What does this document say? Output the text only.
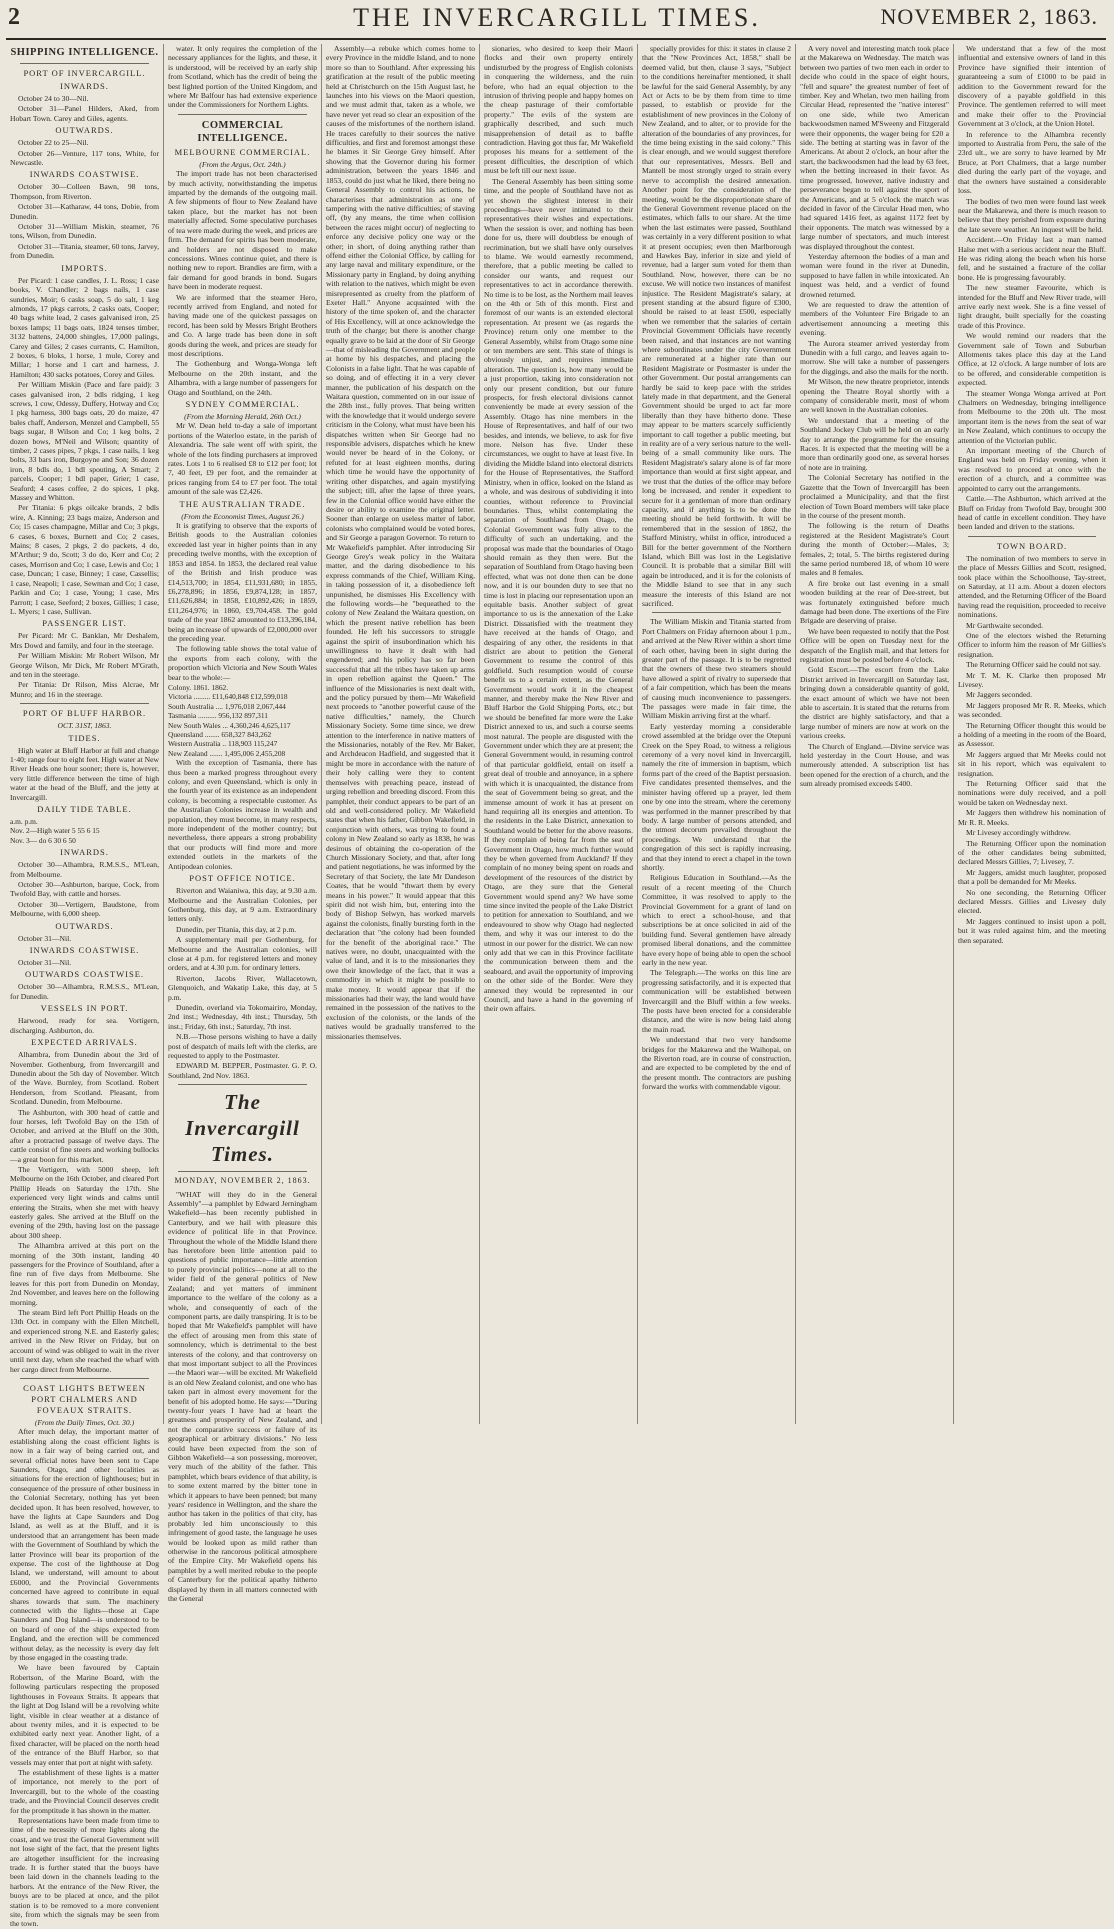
2	THE INVERCARGILL TIMES.	NOVEMBER 2, 1863.
SHIPPING INTELLIGENCE.
PORT OF INVERCARGILL.
INWARDS.

October 24 to 30—Nil.

October 31—Panel Hilders, Aked, from Hobart Town. Carey and Giles, agents.

OUTWARDS.

October 22 to 25—Nil.

October 26—Venture, 117 tons, White, for Newcastle.

INWARDS COASTWISE.

October 30—Colleen Bawn, 98 tons, Thompson, from Riverton.

October 31—Katharaw, 44 tons, Dobie, from Dunedin.

October 31—William Miskin, steamer, 76 tons, Wilson, from Dunedin.

October 31—Titania, steamer, 60 tons, Jarvey, from Dunedin.

IMPORTS.

Per Picard: 1 case candles, J. L. Ross; 1 case books, V. Chandler; 2 bags nails, 1 case sundries, Moir; 6 casks soap, 5 do salt, 1 keg almonds, 17 pkgs carrots, 2 casks oats, Cooper; 40 bags white lead, 2 cases galvanised iron, 25 boxes lamps; 11 bags oats, 1824 tenses timber, 3132 battens, 24,000 shingles, 17,000 palings, Carey and Giles; 2 cases currants, C. Hamilton, 2 boxes, 6 bloks, 1 horse, 1 mule, Corey and Millar; 1 horse and 1 cart and harness, J. Hamilton; 430 sacks potatoes, Corey and Giles.

Per William Miskin (Pace and fare paid): 3 cases galvanised iron, 2 bdls ridging, 1 keg screws, 1 cow, Odessy, Duffery, Hotway and Co; 1 pkg harness, 300 bags oats, 20 do maize, 47 bales chaff, Anderson, Menzel and Campbell, 55 bags sugar, 8 Wilson and Co; 1 keg bolts, 2 dozen bows, M'Neil and Wilson; quantity of timber, 2 cases pipes, 7 pkgs, 1 case nails, 1 keg bolts, 33 bars iron, Burgoyne and Son; 36 dozen iron, 8 bdls do, 1 bdl spouting, A Smart; 2 parcels, Cooper; 1 bdl paper, Grier; 1 case, Seaford; 4 cases coffee, 2 do spices, 1 pkg, Massey and Whitton.

Per Titania: 6 pkgs oilcake brands, 2 bdls wire, A. Kinning; 23 bags maize, Anderson and Co; 15 cases champagne, Millar and Co; 3 pkgs, 6 cases, 6 boxes, Burnett and Co; 2 cases, Mains; 8 cases, 2 pkgs, 2 do packets, 4 do, M'Arthur; 9 do, Scott; 3 do do, Kerr and Co; 2 cases, Morrison and Co; 1 case, Lewis and Co; 1 case, Duncan; 1 case, Binney; 1 case, Cassellis; 1 case, Neapoli; 1 case, Sewman and Co; 1 case, Parkin and Co; 1 case, Young; 1 case, Mrs Parrott; 1 case, Seeford; 2 boxes, Gillies; 1 case, L. Myers; 1 case, Sullivan.

PASSENGER LIST.

Per Picard: Mr C. Banklan, Mr Deshalem, Mrs Dowd and family, and four in the steerage.

Per William Miskin: Mr Robert Wilson, Mr George Wilson, Mr Dick, Mr Robert M'Grath, and ten in the steerage.

Per Titania: Dr Rilson, Miss Alcrae, Mr Munro; and 16 in the steerage.

PORT OF BLUFF HARBOR.
OCT. 31ST, 1863.
TIDES.

High water at Bluff Harbor at full and change 1·40; range four to eight feet. High water at New River Heads one hour sooner; there is, however, very little difference between the time of high water at the head of the Bluff, and the jetty at Invercargill.

DAILY TIDE TABLE.
a.m. p.m.
Nov. 2—High water 5 55 6 15
Nov. 3— do 6 30 6 50
INWARDS.

October 30—Alhambra, R.M.S.S., M'Lean, from Melbourne.

October 30—Ashburton, barque, Cock, from Twofold Bay, with cattle and horses.

October 30—Vertigern, Baudstone, from Melbourne, with 6,000 sheep.

OUTWARDS.

October 31—Nil.

INWARDS COASTWISE.

October 31—Nil.

OUTWARDS COASTWISE.

October 30—Alhambra, R.M.S.S., M'Lean, for Dunedin.

VESSELS IN PORT.

Harwood, ready for sea. Vortigern, discharging. Ashburton, do.

EXPECTED ARRIVALS.

Alhambra, from Dunedin about the 3rd of November. Gothenburg, from Invercargill and Dunedin about the 5th day of November. Witch of the Wave. Burnley, from Scotland. Robert Henderson, from Scotland. Pleasant, from Scotland. Dunedin, from Melbourne.

The Ashburton, with 300 head of cattle and four horses, left Twofold Bay on the 15th of October, and arrived at the Bluff on the 30th, after a protracted passage of twelve days. The cattle consist of fine steers and working bullocks—a great boon for this market.

The Vortigern, with 5000 sheep, left Melbourne on the 16th October, and cleared Port Phillip Heads on Saturday the 17th. She experienced very light winds and calms until entering the Straits, when she met with heavy easterly gales. She arrived at the Bluff on the evening of the 29th, having lost on the passage about 300 sheep.

The Alhambra arrived at this port on the morning of the 30th instant, landing 40 passengers for the Province of Southland, after a fine run of five days from Melbourne. She leaves for this port from Dunedin on Monday, 2nd November, and leaves here on the following morning.

The steam Bird left Port Phillip Heads on the 13th Oct. in company with the Ellen Mitchell, and experienced strong N.E. and Easterly gales; arrived in the New River on Friday, but on account of wind was obliged to wait in the river until next day, when she reached the wharf with her cargo direct from Melbourne.

COAST LIGHTS BETWEEN PORT CHALMERS AND FOVEAUX STRAITS.
(From the Daily Times, Oct. 30.)

After much delay, the important matter of establishing along the coast efficient lights is now in a fair way of being carried out, and several official notes have been sent to Cape Saunders, Otago, and other localities as situations for the erection of lighthouses; but in consequence of the pressure of other business in the Colonial Secretary, nothing has yet been decided upon. It has been resolved, however, to have the lights at Cape Saunders and Dog Island, as well as at the Bluff, and it is understood that an arrangement has been made with the Government of Southland by which the latter Province will bear its proportion of the expense. The cost of the lighthouse at Dog Island, we understand, will amount to about £6000, and the Provincial Governments concerned have agreed to contribute in equal shares towards that sum. The machinery connected with the lights—those at Cape Saunders and Dog Island—is understood to be on board of one of the ships expected from England, and the erection will be commenced without delay, as the necessity is every day felt by those engaged in the coasting trade.

We have been favoured by Captain Robertson, of the Marine Board, with the following particulars respecting the proposed lighthouses in Foveaux Straits. It appears that the light at Dog Island will be a revolving white light, visible in clear weather at a distance of about twenty miles, and it is expected to be exhibited early next year. Another light, of a fixed character, will be placed on the north head of the entrance of the Bluff Harbor, so that vessels may enter that port at night with safety.

The establishment of these lights is a matter of importance, not merely to the port of Invercargill, but to the whole of the coasting trade, and the Provincial Council deserves credit for the promptitude it has shown in the matter.

Representations have been made from time to time of the necessity of more lights along the coast, and we trust the General Government will not lose sight of the fact, that the present lights are altogether insufficient for the increasing trade. It is further stated that the buoys have been laid down in the channels leading to the harbors. At the entrance of the New River, the buoys are to be placed at once, and the pilot station is to be removed to a more convenient site, from which the signals may be seen from the town.

water. It only requires the completion of the necessary appliances for the lights, and these, it is understood, will be received by an early ship from Scotland, which has the credit of being the best lighted portion of the United Kingdom, and where Mr Balfour has had extensive experience under the Commissioners for Northern Lights.

COMMERCIAL INTELLIGENCE.
MELBOURNE COMMERCIAL.
(From the Argus, Oct. 24th.)

The import trade has not been characterised by much activity, notwithstanding the impetus imparted by the demands of the outgoing mail. A few shipments of flour to New Zealand have taken place, but the market has not been materially affected. Some speculative purchases of tea were made during the week, and prices are firm. The demand for spirits has been moderate, and holders are not disposed to make concessions. Wines continue quiet, and there is nothing new to report. Brandies are firm, with a fair demand for good brands in bond. Sugars have been in moderate request.

We are informed that the steamer Hero, recently arrived from England, and noted for having made one of the quickest passages on record, has been sold by Messrs Bright Brothers and Co. A large trade has been done in soft goods during the week, and prices are steady for most descriptions.

The Gothenburg and Wonga-Wonga left Melbourne on the 20th instant, and the Alhambra, with a large number of passengers for Otago and Southland, on the 24th.

SYDNEY COMMERCIAL.
(From the Morning Herald, 26th Oct.)

Mr W. Dean held to-day a sale of important portions of the Waterloo estate, in the parish of Alexandria. The sale went off with spirit, the whole of the lots finding purchasers at improved rates. Lots 1 to 6 realised £8 to £12 per foot; lot 7, 40 feet, £9 per foot, and the remainder at prices ranging from £4 to £7 per foot. The total amount of the sale was £2,426.

THE AUSTRALIAN TRADE.
(From the Economist Times, August 26.)

It is gratifying to observe that the exports of British goods to the Australian colonies exceeded last year in higher points than in any preceding twelve months, with the exception of 1853 and 1854. In 1853, the declared real value of the British and Irish produce was £14,513,700; in 1854, £11,931,680; in 1855, £6,278,896; in 1856, £9,874,128; in 1857, £11,626,884; in 1858, £10,892,426; in 1859, £11,264,976; in 1860, £9,704,458. The gold trade of the year 1862 amounted to £13,396,184, being an increase of upwards of £2,000,000 over the preceding year.

The following table shows the total value of the exports from each colony, with the proportion which Victoria and New South Wales bear to the whole:—

Colony. 1861. 1862.
Victoria ......... £11,640,848 £12,599,018
South Australia .... 1,976,018 2,067,444
Tasmania .......... 956,132 897,311
New South Wales ... 4,360,246 4,625,117
Queensland ........ 658,327 843,262
Western Australia .. 118,903 115,247
New Zealand ....... 1,495,006 2,455,208

With the exception of Tasmania, there has thus been a marked progress throughout every colony, and even Queensland, which is only in the fourth year of its existence as an independent colony, is becoming a respectable customer. As the Australian Colonies increase in wealth and population, they must become, in many respects, more independent of the mother country; but nevertheless, there appears a strong probability that our products will find more and more extended outlets in the markets of the Antipodean colonies.

POST OFFICE NOTICE.

Riverton and Waianiwa, this day, at 9.30 a.m. Melbourne and the Australian Colonies, per Gothenburg, this day, at 9 a.m. Extraordinary letters only.

Dunedin, per Titania, this day, at 2 p.m.

A supplementary mail per Gothenburg, for Melbourne and the Australian colonies, will close at 4 p.m. for registered letters and money orders, and at 4.30 p.m. for ordinary letters.

Riverton, Jacobs River, Wallacetown, Glenquoich, and Wakatip Lake, this day, at 5 p.m.

Dunedin, overland via Tokomairiro, Monday, 2nd inst.; Wednesday, 4th inst.; Thursday, 5th inst.; Friday, 6th inst.; Saturday, 7th inst.

N.B.—Those persons wishing to have a daily post of despatch of mails left with the clerks, are requested to apply to the Postmaster.

EDWARD M. BEPPER, Postmaster. G. P. O. Southland, 2nd Nov. 1863.

The Invercargill Times.
MONDAY, NOVEMBER 2, 1863.

"WHAT will they do in the General Assembly"—a pamphlet by Edward Jerningham Wakefield—has been recently published in Canterbury, and we hail with pleasure this evidence of political life in that Province. Throughout the whole of the Middle Island there has heretofore been little attention paid to questions of public importance—little attention to purely provincial politics—none at all to the wider field of the general politics of New Zealand; and yet matters of imminent importance to the welfare of the colony as a whole, and consequently of each of the component parts, are daily transpiring. It is to be hoped that Mr Wakefield's pamphlet will have the effect of arousing men from this state of somnolency, which is detrimental to the best interests of the colony, and that controversy on that most important subject to all the Provinces—the Maori war—will be excited. Mr Wakefield is an old New Zealand colonist, and one who has taken part in almost every movement for the benefit of his adopted home. He says:—"During twenty-four years I have had at heart the greatness and prosperity of New Zealand, and not the comparative success or failure of its geographical or arbitrary divisions." No less could have been expected from the son of Gibbon Wakefield—a son possessing, moreover, very much of the ability of the father. This pamphlet, which bears evidence of that ability, is to some extent marred by the bitter tone in which it appears to have been penned; but many years' residence in Wellington, and the share the author has taken in the politics of that city, has probably led him unconsciously to this infringement of good taste, the language he uses would be looked upon as mild rather than otherwise in the rancorous political atmosphere of the Empire City. Mr Wakefield opens his pamphlet by a well merited rebuke to the people of Canterbury for the political apathy hitherto displayed by them in all matters connected with the General

Assembly—a rebuke which comes home to every Province in the middle Island, and to none more so than to Southland. After expressing his gratification at the result of the public meeting held at Christchurch on the 15th August last, he launches into his views on the Maori question, and we must admit that, taken as a whole, we have never yet read so clear an exposition of the causes of the misfortunes of the northern island. He traces carefully to their sources the native difficulties, and first and foremost amongst these he blames it Sir George Grey himself. After showing that the Governor during his former administration, between the years 1846 and 1853, could do just what he liked, there being no General Assembly to control his actions, he characterises that administration as one of tampering with the native difficulties; of staving off, (by any means, the time when collision between the races might occur) of neglecting to enforce any decisive policy one way or the other; in short, of doing anything rather than offend either the Colonial Office, by calling for any large naval and military expenditure, or the Missionary party in England, by doing anything with relation to the natives, which might be even misrepresented as cruelty from the platform of Exeter Hall." Anyone acquainted with the history of the time spoken of, and the character of His Excellency, will at once acknowledge the truth of the charge; but there is another charge equally grave to be laid at the door of Sir George—that of misleading the Government and people at home by his despatches, and placing the Colonists in a false light. That he was capable of so doing, and of effecting it in a very clever manner, the publication of his despatch on the Waitara question, commented on in our issue of the 28th inst., fully proves. That being written with the knowledge that it would undergo severe criticism in the Colony, what must have been his dispatches written when Sir George had no responsible advisers, dispatches which he knew would never be heard of in the Colony, or refuted for at least eighteen months, during which time he would have the opportunity of writing other dispatches, and again mystifying the subject; till, after the lapse of three years, few in the Colonial office would have either the desire or ability to examine the original letter. Sooner than enlarge on useless matter of labor, colonists who complained would be voted bores, and Sir George a paragon Governor. To return to Mr Wakefield's pamphlet. After introducing Sir George Grey's weak policy in the Waitara matter, and the daring disobedience to his express commands of the Chief, William King, in taking possession of it, a disobedience left unpunished, he dismisses His Excellency with the following words—he "bequeathed to the colony of New Zealand the Waitara question, on which the present native rebellion has been founded. He left his successors to struggle against the spirit of insubordination which his unwillingness to have it dealt with had engendered; and his policy has so far been successful that all the tribes have taken up arms in open rebellion against the Queen." The influence of the Missionaries is next dealt with, and the policy pursued by them—Mr Wakefield next proceeds to "another powerful cause of the native difficulties," namely, the Church Missionary Society. Some time since, we drew attention to the interference in native matters of the Missionaries, notably of the Rev. Mr Baker, and Archdeacon Hadfield, and suggested that it might be more in accordance with the nature of their holy calling were they to content themselves with preaching peace, instead of urging rebellion and breeding discord. From this pamphlet, their conduct appears to be part of an old and well-considered policy. Mr Wakefield states that when his father, Gibbon Wakefield, in conjunction with others, was trying to found a colony in New Zealand so early as 1838, he was desirous of obtaining the co-operation of the Church Missionary Society, and that, after long and patient negotiations, he was informed by the Secretary of that Society, the late Mr Dandeson Coates, that he would "thwart them by every means in his power." It would appear that this spirit did not wish him, but, entering into the body of Bishop Selwyn, has worked marvels against the colonists, finally bursting forth in the declaration that "the colony had been founded for the benefit of the aboriginal race." The natives were, no doubt, unacquainted with the value of land, and it is to the missionaries they owe their knowledge of the fact, that it was a commodity in which it might be possible to make money. It would appear that if the missionaries had their way, the land would have remained in the possession of the natives to the exclusion of the colonists, or the lands of the natives would be gradually transferred to the missionaries themselves.

sionaries, who desired to keep their Maori flocks and their own property entirely undisturbed by the progress of English colonists in conquering the wilderness, and the ruin before, who had an equal objection to the intrusion of thriving people and happy homes on the cheap pasturage of their comfortable property." The evils of the system are graphically described, and such much misapprehension of detail as to baffle contradiction. Having got thus far, Mr Wakefield proposes his means for a settlement of the present difficulties, the description of which must be left till our next issue.

The General Assembly has been sitting some time, and the people of Southland have not as yet shown the slightest interest in their proceedings—have never intimated to their representatives their wishes and expectations. When the session is over, and nothing has been done for us, there will doubtless be enough of recrimination, but we shall have only ourselves to blame. We would earnestly recommend, therefore, that a public meeting be called to consider our wants, and request our representatives to act in accordance therewith. No time is to be lost, as the Northern mail leaves on the 4th or 5th of this month. First and foremost of our wants is an extended electoral representation. At present we (as regards the Province) return only one member to the General Assembly, whilst from Otago some nine or ten members are sent. This state of things is obviously unjust, and requires immediate alteration. The question is, how many would be a just proportion, taking into consideration not only our present condition, but our future prospects, for fresh electoral divisions cannot conveniently be made at every session of the Assembly. Otago has nine members in the House of Representatives, and half of our two besides, and intends, we believe, to ask for five more. Nelson has five. Under these circumstances, we ought to have at least five. In dividing the Middle Island into electoral districts for the House of Representatives, the Stafford Ministry, when in office, looked on the Island as a whole, and was desirous of subdividing it into counties, without reference to Provincial boundaries. Thus, whilst contemplating the separation of Southland from Otago, the Colonial Government was fully alive to the difficulty of such an undertaking, and the proposal was made that the boundaries of Otago should remain as they then were. But the separation of Southland from Otago having been effected, what was not done then can be done now, and it is our bounden duty to see that no time is lost in placing our representation upon an equitable basis. Another subject of great importance to us is the annexation of the Lake District. Dissatisfied with the treatment they have received at the hands of Otago, and despairing of any other, the residents in that district are about to petition the General Government to resume the control of this goldfield. Such resumption would of course benefit us to a certain extent, as the General Government would work it in the cheapest manner, and thereby make the New River and Bluff Harbor the Gold Shipping Ports, etc.; but we should be benefited far more were the Lake District annexed to us, and such a course seems most natural. The people are disgusted with the Government under which they are at present; the General Government would, in resuming control of that particular goldfield, entail on itself a great deal of trouble and annoyance, in a sphere with which it is unacquainted, the distance from the seat of Government being so great, and the immense amount of work it has at present on hand requiring all its energies and attention. To the residents in the Lake District, annexation to Southland would be better for the above reasons. If they complain of being far from the seat of Government in Otago, how much further would they be when governed from Auckland? If they complain of no money being spent on roads and development of the resources of the district by Otago, are they sure that the General Government would spend any? We have some time since invited the people of the Lake District to petition for annexation to Southland, and we endeavoured to show why Otago had neglected them, and why it was our interest to do the utmost in our power for the district. We can now only add that we can in this Province facilitate the communication between them and the seaboard, and avail the opportunity of improving on the other side of the Border. Were they annexed they would be represented in our Council, and have a hand in the governing of their own affairs.

specially provides for this: it states in clause 2 that the "New Provinces Act, 1858," shall be deemed valid, but then, clause 3 says, "Subject to the conditions hereinafter mentioned, it shall be lawful for the said General Assembly, by any Act or Acts to be by them from time to time passed, to establish or provide for the establishment of new provinces in the Colony of New Zealand, and to alter, or to provide for the alteration of the boundaries of any provinces, for the time being existing in the said colony." This is clear enough, and we would suggest therefore that our representatives, Messrs. Bell and Mantell be most strongly urged to strain every nerve to accomplish the desired annexation. Another point for the consideration of the meeting, would be the disproportionate share of the General Government revenue placed on the estimates, which falls to our share. At the time when the last estimates were passed, Southland was certainly in a very different position to what it at present occupies; even then Marlborough and Hawkes Bay, inferior in size and yield of revenue, had a larger sum voted for them than Southland. Now, however, there can be no excuse. We will notice two instances of manifest injustice. The Resident Magistrate's salary, at present standing at the absurd figure of £300, should be raised to at least £500, especially when we remember that the salaries of certain Provincial Government Officials have recently been raised, and that instances are not wanting where subordinates under the city Government are remunerated at a higher rate than our Resident Magistrate or Postmaster is under the other Government. Our postal arrangements can hardly be said to keep pace with the strides lately made in that department, and the General Government should be urged to act far more liberally than they have hitherto done. These may appear to be matters scarcely sufficiently important to call together a public meeting, but in reality are of a very serious nature to the well-being of a small community like ours. The Resident Magistrate's salary alone is of far more importance than would at first sight appear, and we trust that the duties of the office may before long be increased, and render it expedient to secure for it a gentleman of more than ordinary capacity, and if anything is to be done the meeting should be held forthwith. It will be remembered that in the session of 1862, the Stafford Ministry, whilst in office, introduced a Bill for the better government of the Northern Island, which Bill was lost in the Legislative Council. It is probable that a similar Bill will again be introduced, and it is for the colonists of the Middle Island to see that in any such measure the interests of this Island are not sacrificed.

The William Miskin and Titania started from Port Chalmers on Friday afternoon about 1 p.m., and arrived at the New River within a short time of each other, having been in sight during the greater part of the passage. It is to be regretted that the owners of these two steamers should have allowed a spirit of rivalry to supersede that of a fair competition, which has been the means of causing much inconvenience to passengers. The passages were made in fair time, the William Miskin arriving first at the wharf.

Early yesterday morning a considerable crowd assembled at the bridge over the Otepuni Creek on the Spey Road, to witness a religious ceremony of a very novel kind in Invercargill, namely the rite of immersion in baptism, which forms part of the creed of the Baptist persuasion. Five candidates presented themselves, and the minister having offered up a prayer, led them one by one into the stream, where the ceremony was performed in the manner prescribed by that body. A large number of persons attended, and the utmost decorum prevailed throughout the proceedings. We understand that the congregation of this sect is rapidly increasing, and that they intend to erect a chapel in the town shortly.

Religious Education in Southland.—As the result of a recent meeting of the Church Committee, it was resolved to apply to the Provincial Government for a grant of land on which to erect a school-house, and that subscriptions be at once solicited in aid of the building fund. Several gentlemen have already promised liberal donations, and the committee have every hope of being able to open the school early in the new year.

The Telegraph.—The works on this line are progressing satisfactorily, and it is expected that communication will be established between Invercargill and the Bluff within a few weeks. The posts have been erected for a considerable distance, and the wire is now being laid along the main road.

We understand that two very handsome bridges for the Makarewa and the Waihopai, on the Riverton road, are in course of construction, and are expected to be completed by the end of the present month. The contractors are pushing forward the works with commendable vigour.

A very novel and interesting match took place at the Makarewa on Wednesday. The match was between two parties of two men each in order to decide who could in the space of eight hours, "fell and square" the greatest number of feet of timber. Key and Whelan, two men hailing from Circular Head, represented the "native interest" on one side, while two American backwoodsmen named M'Sweeny and Fitzgerald were their opponents, the wager being for £20 a side. The betting at starting was in favor of the Americans. At about 2 o'clock, an hour after the start, the backwoodsmen had the lead by 63 feet, when the betting increased in their favor. As time progressed, however, native industry and perseverance began to tell against the sport of the Americans, and at 5 o'clock the match was decided in favor of the Circular Head men, who had squared 1416 feet, as against 1172 feet by their opponents. The match was witnessed by a large number of spectators, and much interest was displayed throughout the contest.

Yesterday afternoon the bodies of a man and woman were found in the river at Dunedin, supposed to have fallen in while intoxicated. An inquest was held, and a verdict of found drowned returned.

We are requested to draw the attention of members of the Volunteer Fire Brigade to an advertisement announcing a meeting this evening.

The Aurora steamer arrived yesterday from Dunedin with a full cargo, and leaves again to-morrow. She will take a number of passengers for the diggings, and also the mails for the north.

Mr Wilson, the new theatre proprietor, intends opening the Theatre Royal shortly with a company of considerable merit, most of whom are well known in the Australian colonies.

We understand that a meeting of the Southland Jockey Club will be held on an early day to arrange the programme for the ensuing Races. It is expected that the meeting will be a more than ordinarily good one, as several horses of note are in training.

The Colonial Secretary has notified in the Gazette that the Town of Invercargill has been proclaimed a Municipality, and that the first election of Town Board members will take place in the course of the present month.

The following is the return of Deaths registered at the Resident Magistrate's Court during the month of October:—Males, 3; females, 2; total, 5. The births registered during the same period numbered 18, of whom 10 were males and 8 females.

A fire broke out last evening in a small wooden building at the rear of Dee-street, but was fortunately extinguished before much damage had been done. The exertions of the Fire Brigade are deserving of praise.

We have been requested to notify that the Post Office will be open on Tuesday next for the despatch of the English mail, and that letters for registration must be posted before 4 o'clock.

Gold Escort.—The escort from the Lake District arrived in Invercargill on Saturday last, bringing down a considerable quantity of gold, the exact amount of which we have not been able to ascertain. It is stated that the returns from the district are highly satisfactory, and that a large number of miners are now at work on the various creeks.

The Church of England.—Divine service was held yesterday in the Court House, and was numerously attended. A subscription list has been opened for the erection of a church, and the sum already promised exceeds £400.

We understand that a few of the most influential and extensive owners of land in this Province have signified their intention of guaranteeing a sum of £1000 to be paid in addition to the Government reward for the discovery of a payable goldfield in this Province. The gentlemen referred to will meet and make their offer to the Provincial Government at 3 o'clock, at the Union Hotel.

In reference to the Alhambra recently imported to Australia from Peru, the sale of the 23rd ult., we are sorry to have learned by Mr Bruce, at Port Chalmers, that a large number died during the early part of the voyage, and that the owners have sustained a considerable loss.

The bodies of two men were found last week near the Makarewa, and there is much reason to believe that they perished from exposure during the late severe weather. An inquest will be held.

Accident.—On Friday last a man named Halse met with a serious accident near the Bluff. He was riding along the beach when his horse fell, and he sustained a fracture of the collar bone. He is progressing favourably.

The new steamer Favourite, which is intended for the Bluff and New River trade, will arrive early next week. She is a fine vessel of light draught, built specially for the coasting trade of this Province.

We would remind our readers that the Government sale of Town and Suburban Allotments takes place this day at the Land Office, at 12 o'clock. A large number of lots are to be offered, and considerable competition is expected.

The steamer Wonga Wonga arrived at Port Chalmers on Wednesday, bringing intelligence from Melbourne to the 20th ult. The most important item is the news from the seat of war in New Zealand, which continues to occupy the attention of the Victorian public.

An important meeting of the Church of England was held on Friday evening, when it was resolved to proceed at once with the erection of a church, and a committee was appointed to carry out the arrangements.

Cattle.—The Ashburton, which arrived at the Bluff on Friday from Twofold Bay, brought 300 head of cattle in excellent condition. They have been landed and driven to the stations.

TOWN BOARD.

The nomination of two members to serve in the place of Messrs Gillies and Scott, resigned, took place within the Schoolhouse, Tay-street, on Saturday, at 11 a.m. About a dozen electors attended, and the Returning Officer of the Board having read the requisition, proceeded to receive nominations.

Mr Garthwaite seconded.

One of the electors wished the Returning Officer to inform him the reason of Mr Gillies's resignation.

The Returning Officer said he could not say.

Mr T. M. K. Clarke then proposed Mr Livesey.

Mr Jaggers seconded.

Mr Jaggers proposed Mr R. R. Meeks, which was seconded.

The Returning Officer thought this would be a holding of a meeting in the room of the Board, as Assessor.

Mr Jaggers argued that Mr Meeks could not sit in his report, which was equivalent to resignation.

The Returning Officer said that the nominations were duly received, and a poll would be taken on Wednesday next.

Mr Jaggers then withdrew his nomination of Mr R. R. Meeks.

Mr Livesey accordingly withdrew.

The Returning Officer upon the nomination of the other candidates being submitted, declared Messrs Gillies, 7; Livesey, 7.

Mr Jaggers, amidst much laughter, proposed that a poll be demanded for Mr Meeks.

No one seconding, the Returning Officer declared Messrs. Gillies and Livesey duly elected.

Mr Jaggers continued to insist upon a poll, but it was ruled against him, and the meeting then separated.
